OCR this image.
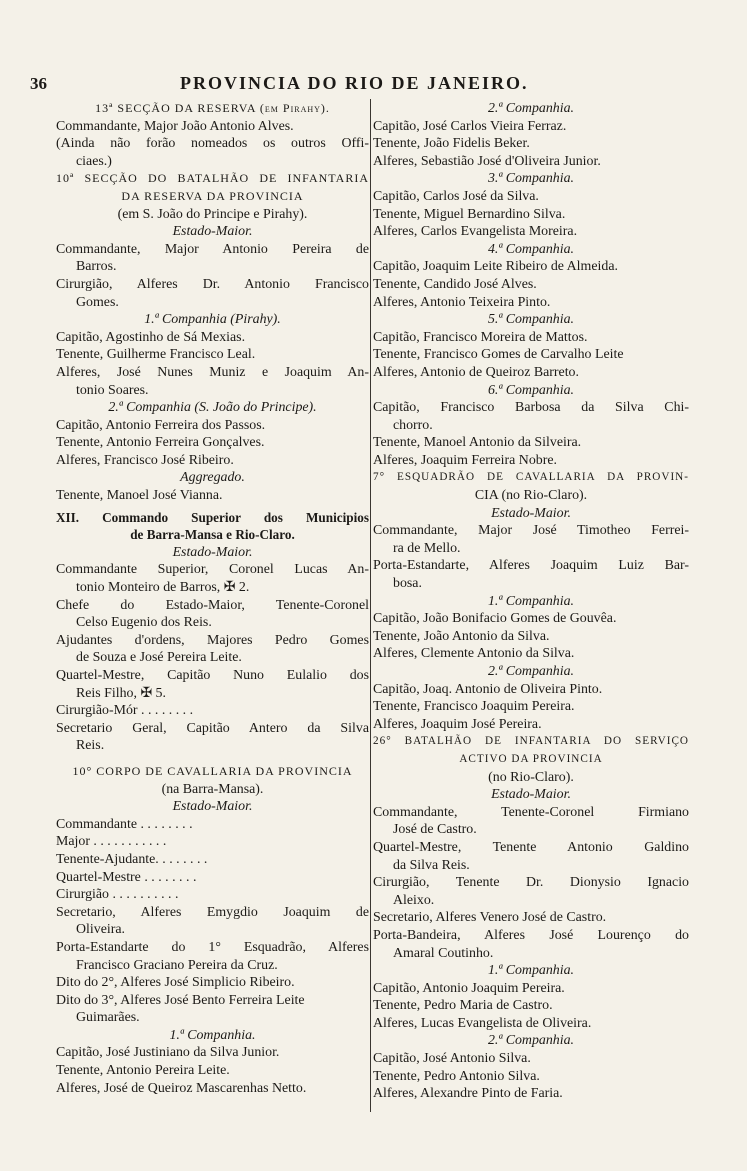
36	PROVINCIA DO RIO DE JANEIRO.
13ª SECÇÃO DA RESERVA (em Pirahy).
Commandante, Major João Antonio Alves.
(Ainda não forão nomeados os outros Offi-
ciaes.)
10ª SECÇÃO DO BATALHÃO DE INFANTARIA
DA RESERVA DA PROVINCIA
(em S. João do Principe e Pirahy).
Estado-Maior.
Commandante, Major Antonio Pereira de
Barros.
Cirurgião, Alferes Dr. Antonio Francisco
Gomes.
1.ª Companhia (Pirahy).
Capitão, Agostinho de Sá Mexias.
Tenente, Guilherme Francisco Leal.
Alferes, José Nunes Muniz e Joaquim An-
tonio Soares.
2.ª Companhia (S. João do Principe).
Capitão, Antonio Ferreira dos Passos.
Tenente, Antonio Ferreira Gonçalves.
Alferes, Francisco José Ribeiro.
Aggregado.
Tenente, Manoel José Vianna.
XII. Commando Superior dos Municipios
de Barra-Mansa e Rio-Claro.
Estado-Maior.
Commandante Superior, Coronel Lucas An-
tonio Monteiro de Barros, ✠ 2.
Chefe do Estado-Maior, Tenente-Coronel
Celso Eugenio dos Reis.
Ajudantes d'ordens, Majores Pedro Gomes
de Souza e José Pereira Leite.
Quartel-Mestre, Capitão Nuno Eulalio dos
Reis Filho, ✠ 5.
Cirurgião-Mór . . . . . . . .
Secretario Geral, Capitão Antero da Silva
Reis.
10° CORPO DE CAVALLARIA DA PROVINCIA
(na Barra-Mansa).
Estado-Maior.
Commandante . . . . . . . .
Major . . . . . . . . . . .
Tenente-Ajudante. . . . . . . .
Quartel-Mestre . . . . . . . .
Cirurgião . . . . . . . . . .
Secretario, Alferes Emygdio Joaquim de
Oliveira.
Porta-Estandarte do 1° Esquadrão, Alferes
Francisco Graciano Pereira da Cruz.
Dito do 2°, Alferes José Simplicio Ribeiro.
Dito do 3°, Alferes José Bento Ferreira Leite
Guimarães.
1.ª Companhia.
Capitão, José Justiniano da Silva Junior.
Tenente, Antonio Pereira Leite.
Alferes, José de Queiroz Mascarenhas Netto.
2.ª Companhia.
Capitão, José Carlos Vieira Ferraz.
Tenente, João Fidelis Beker.
Alferes, Sebastião José d'Oliveira Junior.
3.ª Companhia.
Capitão, Carlos José da Silva.
Tenente, Miguel Bernardino Silva.
Alferes, Carlos Evangelista Moreira.
4.ª Companhia.
Capitão, Joaquim Leite Ribeiro de Almeida.
Tenente, Candido José Alves.
Alferes, Antonio Teixeira Pinto.
5.ª Companhia.
Capitão, Francisco Moreira de Mattos.
Tenente, Francisco Gomes de Carvalho Leite
Alferes, Antonio de Queiroz Barreto.
6.ª Companhia.
Capitão, Francisco Barbosa da Silva Chi-
chorro.
Tenente, Manoel Antonio da Silveira.
Alferes, Joaquim Ferreira Nobre.
7° ESQUADRÃO DE CAVALLARIA DA PROVIN-
CIA (no Rio-Claro).
Estado-Maior.
Commandante, Major José Timotheo Ferrei-
ra de Mello.
Porta-Estandarte, Alferes Joaquim Luiz Bar-
bosa.
1.ª Companhia.
Capitão, João Bonifacio Gomes de Gouvêa.
Tenente, João Antonio da Silva.
Alferes, Clemente Antonio da Silva.
2.ª Companhia.
Capitão, Joaq. Antonio de Oliveira Pinto.
Tenente, Francisco Joaquim Pereira.
Alferes, Joaquim José Pereira.
26° BATALHÃO DE INFANTARIA DO SERVIÇO
ACTIVO DA PROVINCIA
(no Rio-Claro).
Estado-Maior.
Commandante, Tenente-Coronel Firmiano
José de Castro.
Quartel-Mestre, Tenente Antonio Galdino
da Silva Reis.
Cirurgião, Tenente Dr. Dionysio Ignacio
Aleixo.
Secretario, Alferes Venero José de Castro.
Porta-Bandeira, Alferes José Lourenço do
Amaral Coutinho.
1.ª Companhia.
Capitão, Antonio Joaquim Pereira.
Tenente, Pedro Maria de Castro.
Alferes, Lucas Evangelista de Oliveira.
2.ª Companhia.
Capitão, José Antonio Silva.
Tenente, Pedro Antonio Silva.
Alferes, Alexandre Pinto de Faria.
